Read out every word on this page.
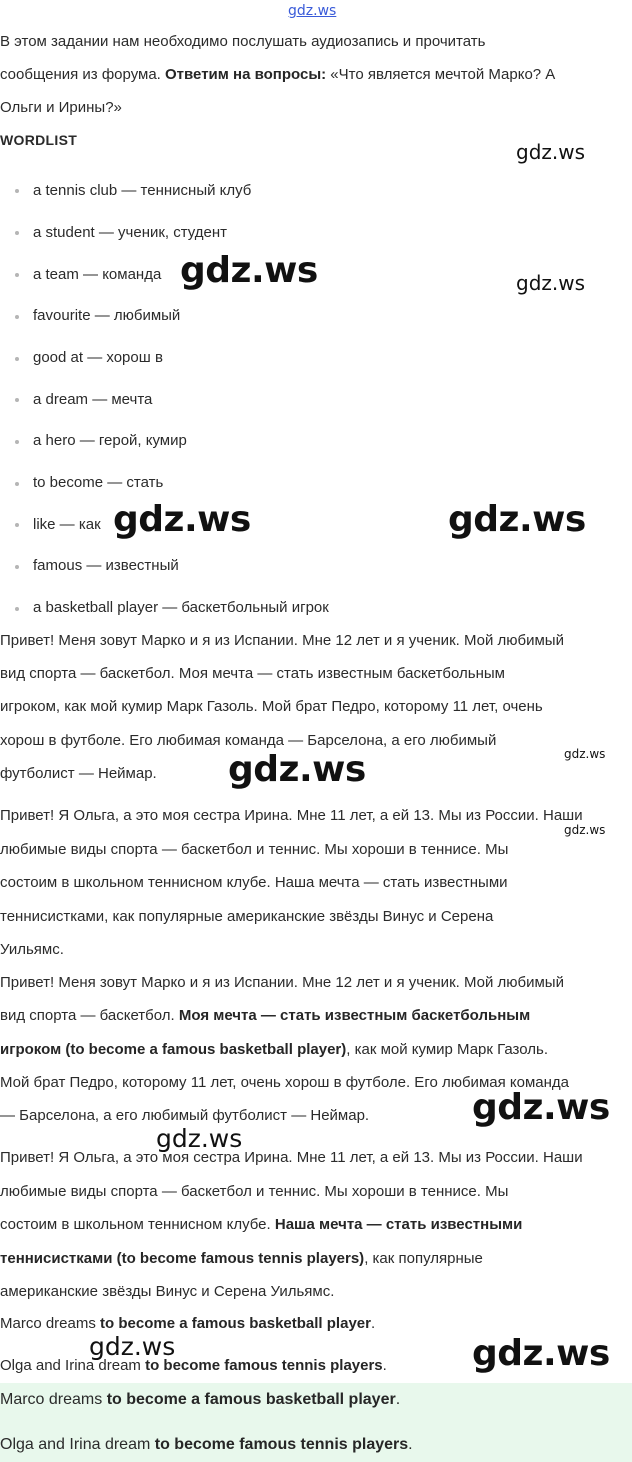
gdz.ws
В этом задании нам необходимо послушать аудиозапись и прочитать
сообщения из форума. Ответим на вопросы: «Что является мечтой Марко? А
Ольги и Ирины?»
WORDLIST
a tennis club — теннисный клуб
a student — ученик, студент
a team — команда
favourite — любимый
good at — хорош в
a dream — мечта
a hero — герой, кумир
to become — стать
like — как
famous — известный
a basketball player — баскетбольный игрок
Привет! Меня зовут Марко и я из Испании. Мне 12 лет и я ученик. Мой любимый
вид спорта — баскетбол. Моя мечта — стать известным баскетбольным
игроком, как мой кумир Марк Газоль. Мой брат Педро, которому 11 лет, очень
хорош в футболе. Его любимая команда — Барселона, а его любимый
футболист — Неймар.
Привет! Я Ольга, а это моя сестра Ирина. Мне 11 лет, а ей 13. Мы из России. Наши
любимые виды спорта — баскетбол и теннис. Мы хороши в теннисе. Мы
состоим в школьном теннисном клубе. Наша мечта — стать известными
теннисистками, как популярные американские звёзды Винус и Серена
Уильямс.
Привет! Меня зовут Марко и я из Испании. Мне 12 лет и я ученик. Мой любимый
вид спорта — баскетбол. Моя мечта — стать известным баскетбольным
игроком (to become a famous basketball player), как мой кумир Марк Газоль.
Мой брат Педро, которому 11 лет, очень хорош в футболе. Его любимая команда
— Барселона, а его любимый футболист — Неймар.
Привет! Я Ольга, а это моя сестра Ирина. Мне 11 лет, а ей 13. Мы из России. Наши
любимые виды спорта — баскетбол и теннис. Мы хороши в теннисе. Мы
состоим в школьном теннисном клубе. Наша мечта — стать известными
теннисистками (to become famous tennis players), как популярные
американские звёзды Винус и Серена Уильямс.
Marco dreams to become a famous basketball player.
Olga and Irina dream to become famous tennis players.
Marco dreams to become a famous basketball player.
Olga and Irina dream to become famous tennis players.
gdz.ws
gdz.ws	gdz.ws
gdz.ws	gdz.ws
gdz.ws
gdz.ws
gdz.ws
gdz.ws
gdz.ws
gdz.ws	gdz.ws
